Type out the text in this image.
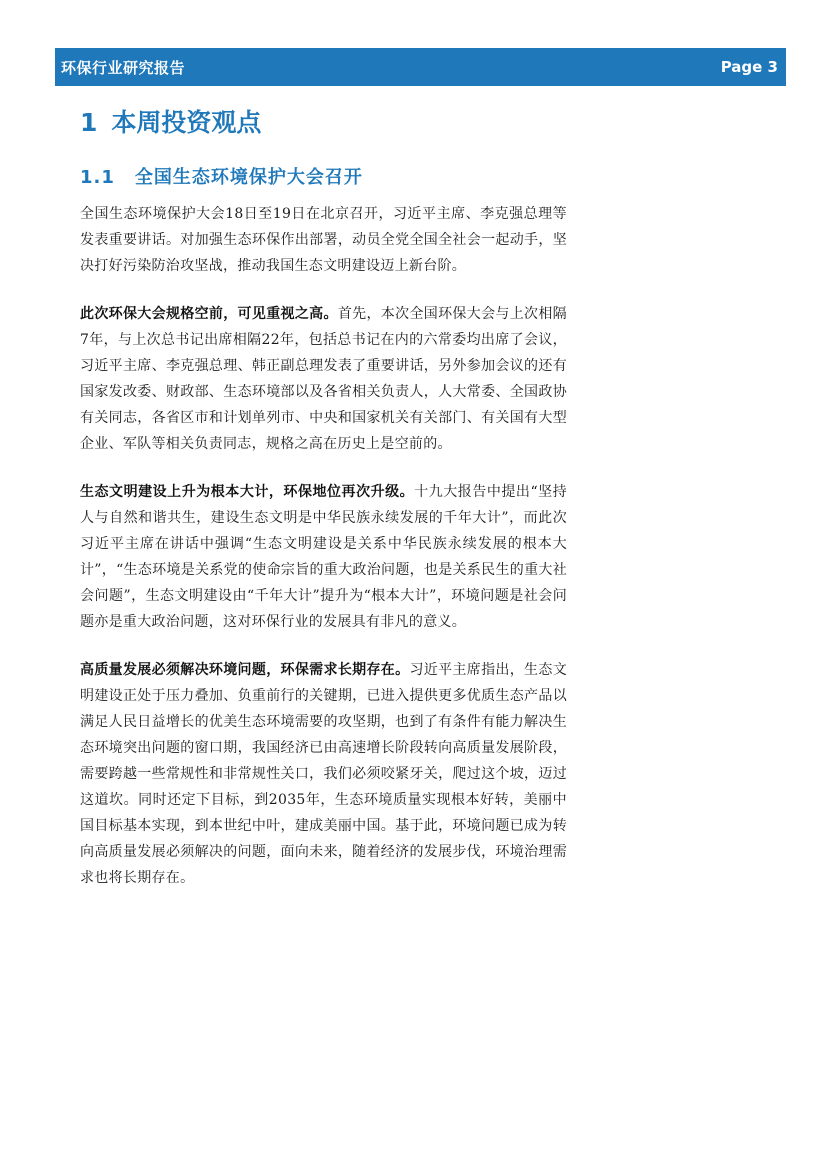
环保行业研究报告	Page 3
1 本周投资观点
1.1 全国生态环境保护大会召开

全国生态环境保护大会18日至19日在北京召开，习近平主席、李克强总理等发表重要讲话。对加强生态环保作出部署，动员全党全国全社会一起动手，坚决打好污染防治攻坚战，推动我国生态文明建设迈上新台阶。

此次环保大会规格空前，可见重视之高。首先，本次全国环保大会与上次相隔7年，与上次总书记出席相隔22年，包括总书记在内的六常委均出席了会议，习近平主席、李克强总理、韩正副总理发表了重要讲话，另外参加会议的还有国家发改委、财政部、生态环境部以及各省相关负责人，人大常委、全国政协有关同志，各省区市和计划单列市、中央和国家机关有关部门、有关国有大型企业、军队等相关负责同志，规格之高在历史上是空前的。

生态文明建设上升为根本大计，环保地位再次升级。十九大报告中提出“坚持人与自然和谐共生，建设生态文明是中华民族永续发展的千年大计”，而此次习近平主席在讲话中强调“生态文明建设是关系中华民族永续发展的根本大计”，“生态环境是关系党的使命宗旨的重大政治问题，也是关系民生的重大社会问题”，生态文明建设由“千年大计”提升为“根本大计”，环境问题是社会问题亦是重大政治问题，这对环保行业的发展具有非凡的意义。

高质量发展必须解决环境问题，环保需求长期存在。习近平主席指出，生态文明建设正处于压力叠加、负重前行的关键期，已进入提供更多优质生态产品以满足人民日益增长的优美生态环境需要的攻坚期，也到了有条件有能力解决生态环境突出问题的窗口期，我国经济已由高速增长阶段转向高质量发展阶段，需要跨越一些常规性和非常规性关口，我们必须咬紧牙关，爬过这个坡，迈过这道坎。同时还定下目标，到2035年，生态环境质量实现根本好转，美丽中国目标基本实现，到本世纪中叶，建成美丽中国。基于此，环境问题已成为转向高质量发展必须解决的问题，面向未来，随着经济的发展步伐，环境治理需求也将长期存在。
